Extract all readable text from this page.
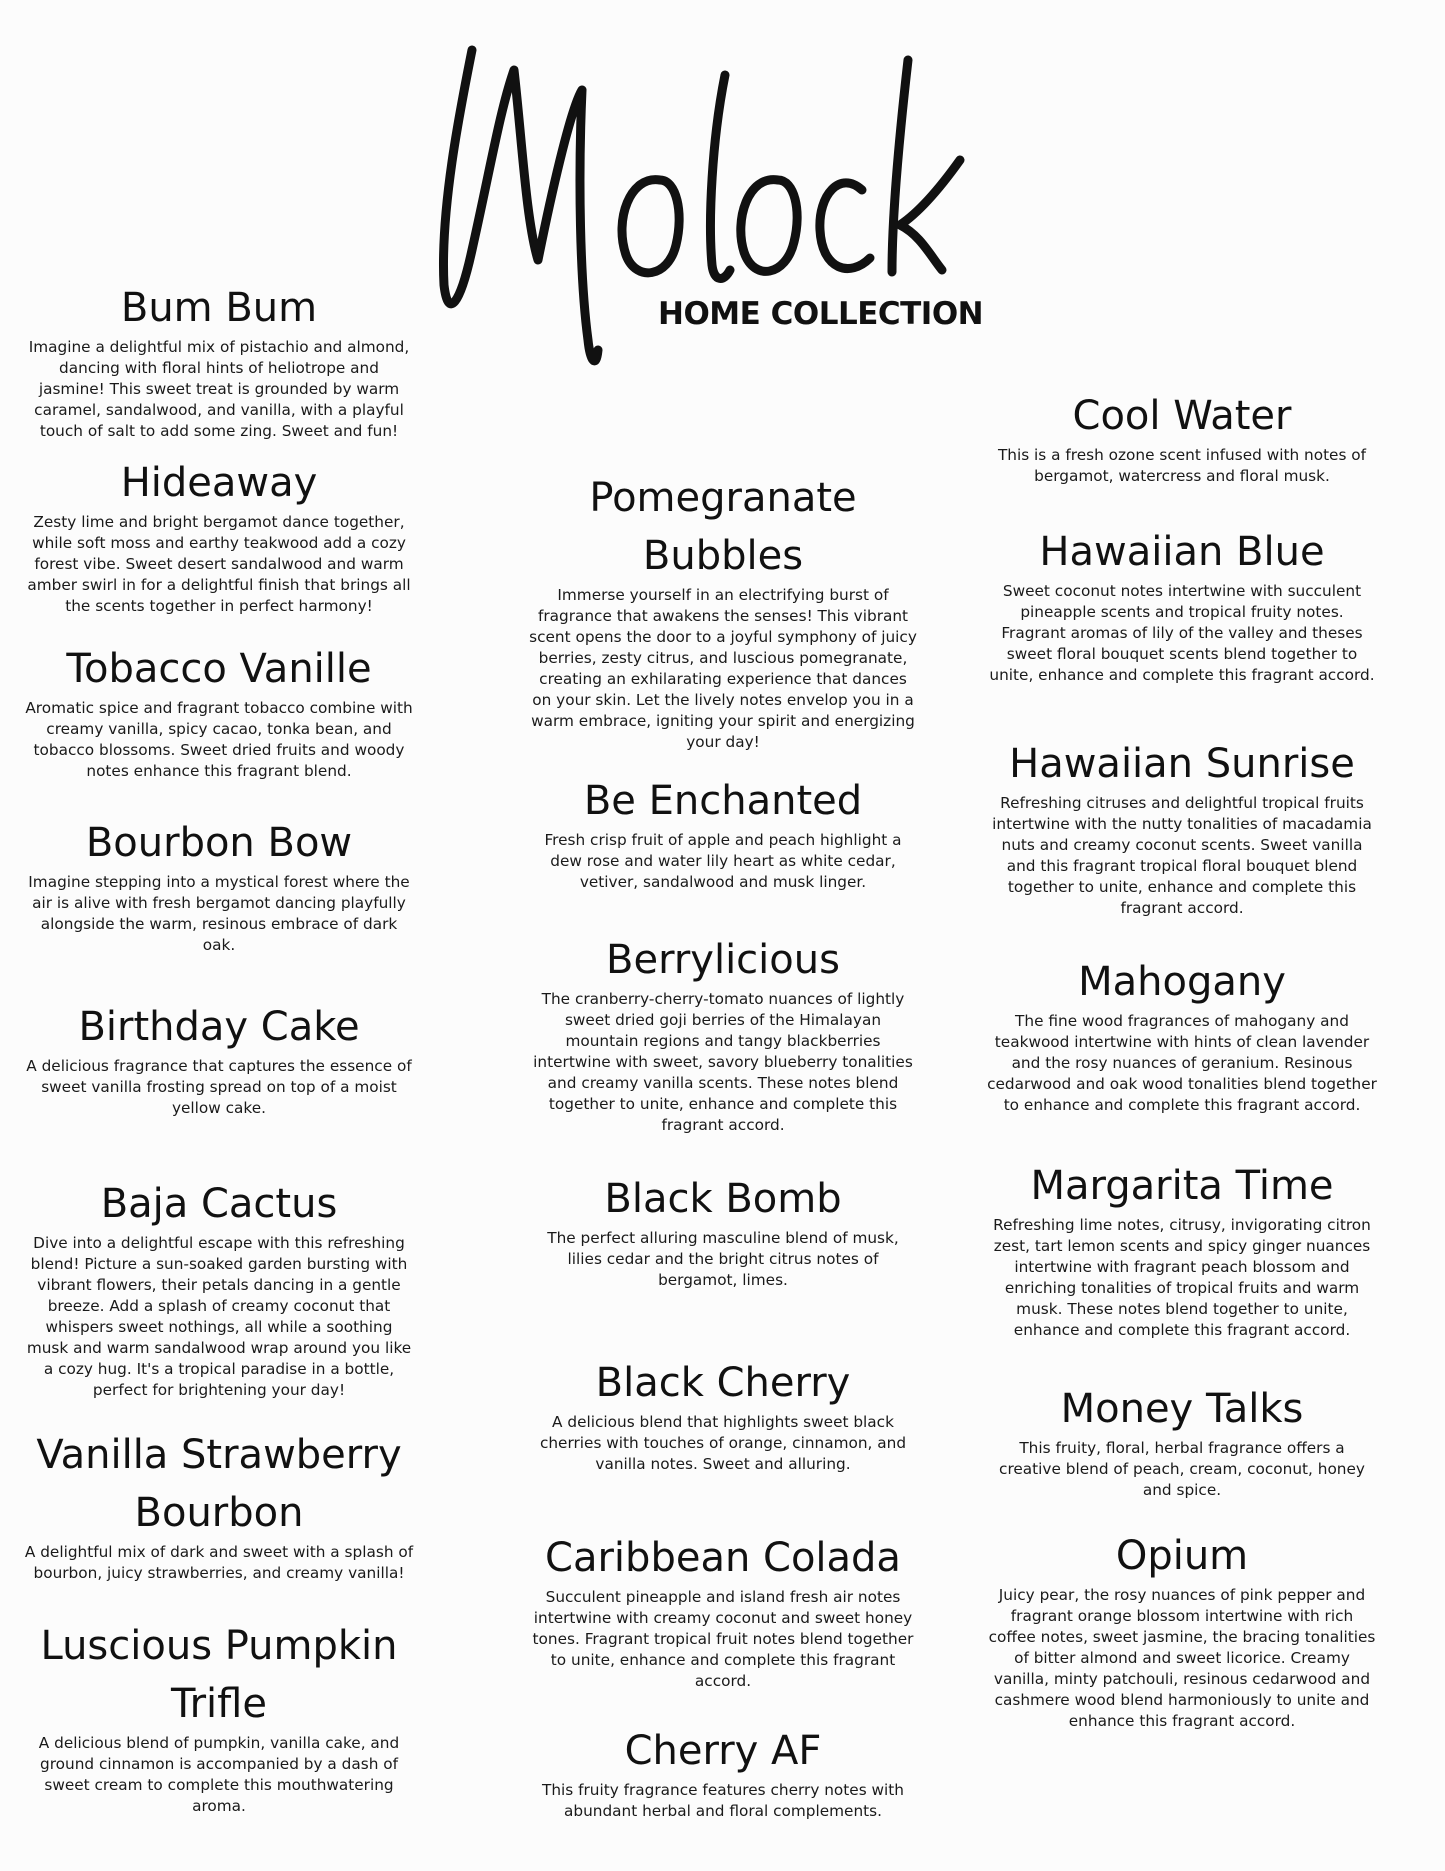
HOME COLLECTION
Bum Bum

Imagine a delightful mix of pistachio and almond, dancing with floral hints of heliotrope and jasmine! This sweet treat is grounded by warm caramel, sandalwood, and vanilla, with a playful touch of salt to add some zing. Sweet and fun!

Hideaway

Zesty lime and bright bergamot dance together, while soft moss and earthy teakwood add a cozy forest vibe. Sweet desert sandalwood and warm amber swirl in for a delightful finish that brings all the scents together in perfect harmony!

Tobacco Vanille

Aromatic spice and fragrant tobacco combine with creamy vanilla, spicy cacao, tonka bean, and tobacco blossoms. Sweet dried fruits and woody notes enhance this fragrant blend.

Bourbon Bow

Imagine stepping into a mystical forest where the air is alive with fresh bergamot dancing playfully alongside the warm, resinous embrace of dark oak.

Birthday Cake

A delicious fragrance that captures the essence of sweet vanilla frosting spread on top of a moist yellow cake.

Baja Cactus

Dive into a delightful escape with this refreshing blend! Picture a sun-soaked garden bursting with vibrant flowers, their petals dancing in a gentle breeze. Add a splash of creamy coconut that whispers sweet nothings, all while a soothing musk and warm sandalwood wrap around you like a cozy hug. It's a tropical paradise in a bottle, perfect for brightening your day!

Vanilla Strawberry Bourbon

A delightful mix of dark and sweet with a splash of bourbon, juicy strawberries, and creamy vanilla!

Luscious Pumpkin Trifle

A delicious blend of pumpkin, vanilla cake, and ground cinnamon is accompanied by a dash of sweet cream to complete this mouthwatering aroma.

Pomegranate Bubbles

Immerse yourself in an electrifying burst of fragrance that awakens the senses! This vibrant scent opens the door to a joyful symphony of juicy berries, zesty citrus, and luscious pomegranate, creating an exhilarating experience that dances on your skin. Let the lively notes envelop you in a warm embrace, igniting your spirit and energizing your day!

Be Enchanted

Fresh crisp fruit of apple and peach highlight a dew rose and water lily heart as white cedar, vetiver, sandalwood and musk linger.

Berrylicious

The cranberry-cherry-tomato nuances of lightly sweet dried goji berries of the Himalayan mountain regions and tangy blackberries intertwine with sweet, savory blueberry tonalities and creamy vanilla scents. These notes blend together to unite, enhance and complete this fragrant accord.

Black Bomb

The perfect alluring masculine blend of musk, lilies cedar and the bright citrus notes of bergamot, limes.

Black Cherry

A delicious blend that highlights sweet black cherries with touches of orange, cinnamon, and vanilla notes. Sweet and alluring.

Caribbean Colada

Succulent pineapple and island fresh air notes intertwine with creamy coconut and sweet honey tones. Fragrant tropical fruit notes blend together to unite, enhance and complete this fragrant accord.

Cherry AF

This fruity fragrance features cherry notes with abundant herbal and floral complements.

Cool Water

This is a fresh ozone scent infused with notes of bergamot, watercress and floral musk.

Hawaiian Blue

Sweet coconut notes intertwine with succulent pineapple scents and tropical fruity notes. Fragrant aromas of lily of the valley and theses sweet floral bouquet scents blend together to unite, enhance and complete this fragrant accord.

Hawaiian Sunrise

Refreshing citruses and delightful tropical fruits intertwine with the nutty tonalities of macadamia nuts and creamy coconut scents. Sweet vanilla and this fragrant tropical floral bouquet blend together to unite, enhance and complete this fragrant accord.

Mahogany

The fine wood fragrances of mahogany and teakwood intertwine with hints of clean lavender and the rosy nuances of geranium. Resinous cedarwood and oak wood tonalities blend together to enhance and complete this fragrant accord.

Margarita Time

Refreshing lime notes, citrusy, invigorating citron zest, tart lemon scents and spicy ginger nuances intertwine with fragrant peach blossom and enriching tonalities of tropical fruits and warm musk. These notes blend together to unite, enhance and complete this fragrant accord.

Money Talks

This fruity, floral, herbal fragrance offers a creative blend of peach, cream, coconut, honey and spice.

Opium

Juicy pear, the rosy nuances of pink pepper and fragrant orange blossom intertwine with rich coffee notes, sweet jasmine, the bracing tonalities of bitter almond and sweet licorice. Creamy vanilla, minty patchouli, resinous cedarwood and cashmere wood blend harmoniously to unite and enhance this fragrant accord.
